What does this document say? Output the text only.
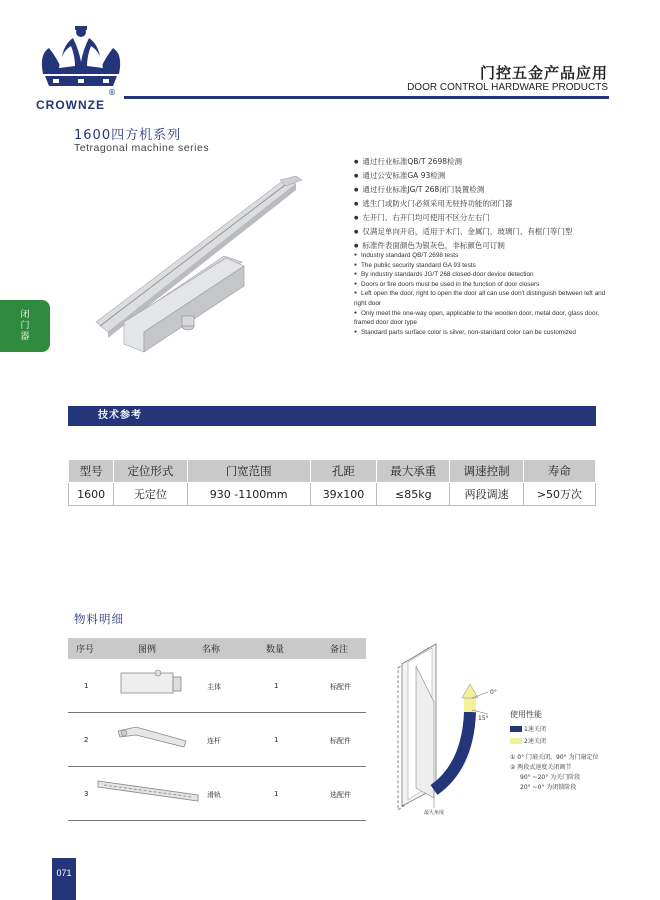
CROWNZE
®
门控五金产品应用
DOOR CONTROL HARDWARE PRODUCTS
1600四方机系列
Tetragonal machine series
闭
门
器
● 通过行业标准QB/T 2698检测
● 通过公安标准GA 93检测
● 通过行业标准JG/T 268闭门装置检测
● 逃生门或防火门必须采用无驻持功能的闭门器
● 左开门、右开门均可使用不区分左右门
● 仅满足单向开启，适用于木门、金属门、玻璃门、有框门等门型
● 标准件表面颜色为银灰色，非标颜色可订制
● Industry standard QB/T 2698 tests
● The public security standard GA 93 tests
● By industry standards JG/T 268 closed-door device detection
● Doors or fire doors must be used in the function of door closers
● Left open the door, right to open the door all can use don't distinguish between left and right door
● Only meet the one-way open, applicable to the wooden door, metal door, glass door, framed door door type
● Standard parts surface color is silver, non-standard color can be customized
技术参考
型号	定位形式	门宽范围	孔距	最大承重	调速控制	寿命
1600	无定位	930 -1100mm	39x100	≤85kg	两段调速	>50万次
物料明细
序号	图例	名称	数量	备注
1	主体	1	标配件
2	连杆	1	标配件
3	滑轨	1	选配件
0°
15°
最大角度
使用性能
1速关闭
2速关闭
① 0° 门扇关闭，90° 为门扇定位
② 两段式速度关闭调节
90° ~20° 为关门阶段
20° ~0° 为闭锁阶段
071
